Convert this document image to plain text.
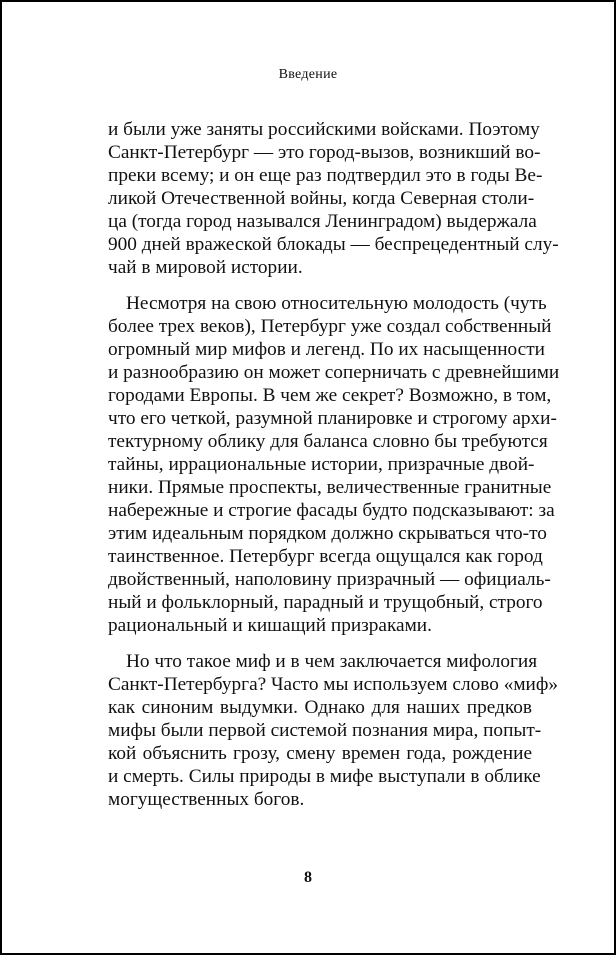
Введение
и были уже заняты российскими войсками. Поэтому
Санкт-Петербург — это город-вызов, возникший во-
преки всему; и он еще раз подтвердил это в годы Ве-
ликой Отечественной войны, когда Северная столи-
ца (тогда город назывался Ленинградом) выдержала
900 дней вражеской блокады — беспрецедентный слу-
чай в мировой истории.
Несмотря на свою относительную молодость (чуть
более трех веков), Петербург уже создал собственный
огромный мир мифов и легенд. По их насыщенности
и разнообразию он может соперничать с древнейшими
городами Европы. В чем же секрет? Возможно, в том,
что его четкой, разумной планировке и строгому архи-
тектурному облику для баланса словно бы требуются
тайны, иррациональные истории, призрачные двой-
ники. Прямые проспекты, величественные гранитные
набережные и строгие фасады будто подсказывают: за
этим идеальным порядком должно скрываться что-то
таинственное. Петербург всегда ощущался как город
двойственный, наполовину призрачный — официаль-
ный и фольклорный, парадный и трущобный, строго
рациональный и кишащий призраками.
Но что такое миф и в чем заключается мифология
Санкт-Петербурга? Часто мы используем слово «миф»
как синоним выдумки. Однако для наших предков
мифы были первой системой познания мира, попыт-
кой объяснить грозу, смену времен года, рождение
и смерть. Силы природы в мифе выступали в облике
могущественных богов.
8
